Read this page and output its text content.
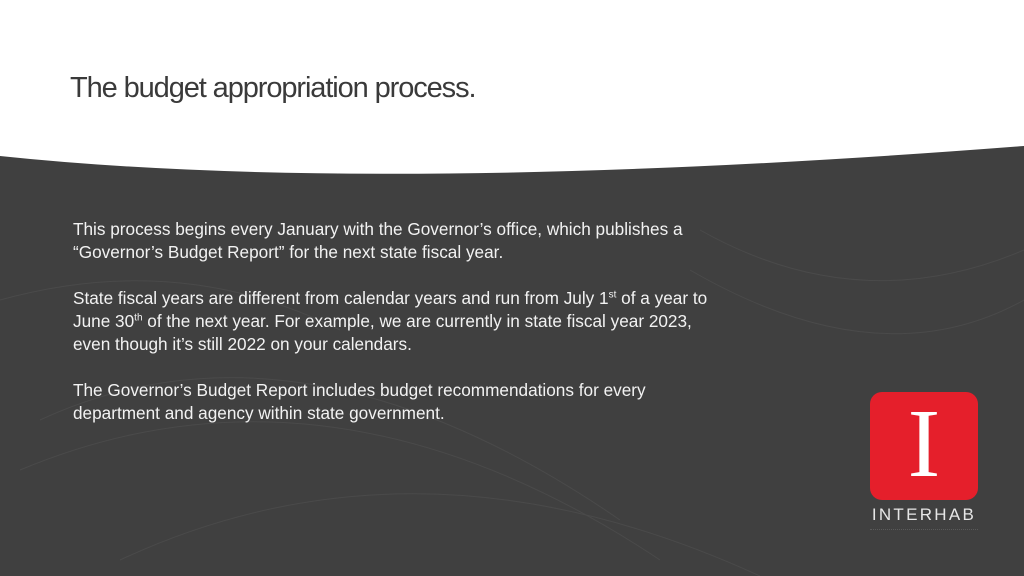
The budget appropriation process.

This process begins every January with the Governor’s office, which publishes a “Governor’s Budget Report” for the next state fiscal year.

State fiscal years are different from calendar years and run from July 1st of a year to June 30th of the next year. For example, we are currently in state fiscal year 2023, even though it’s still 2022 on your calendars.

The Governor’s Budget Report includes budget recommendations for every department and agency within state government.	I
INTERHAB
